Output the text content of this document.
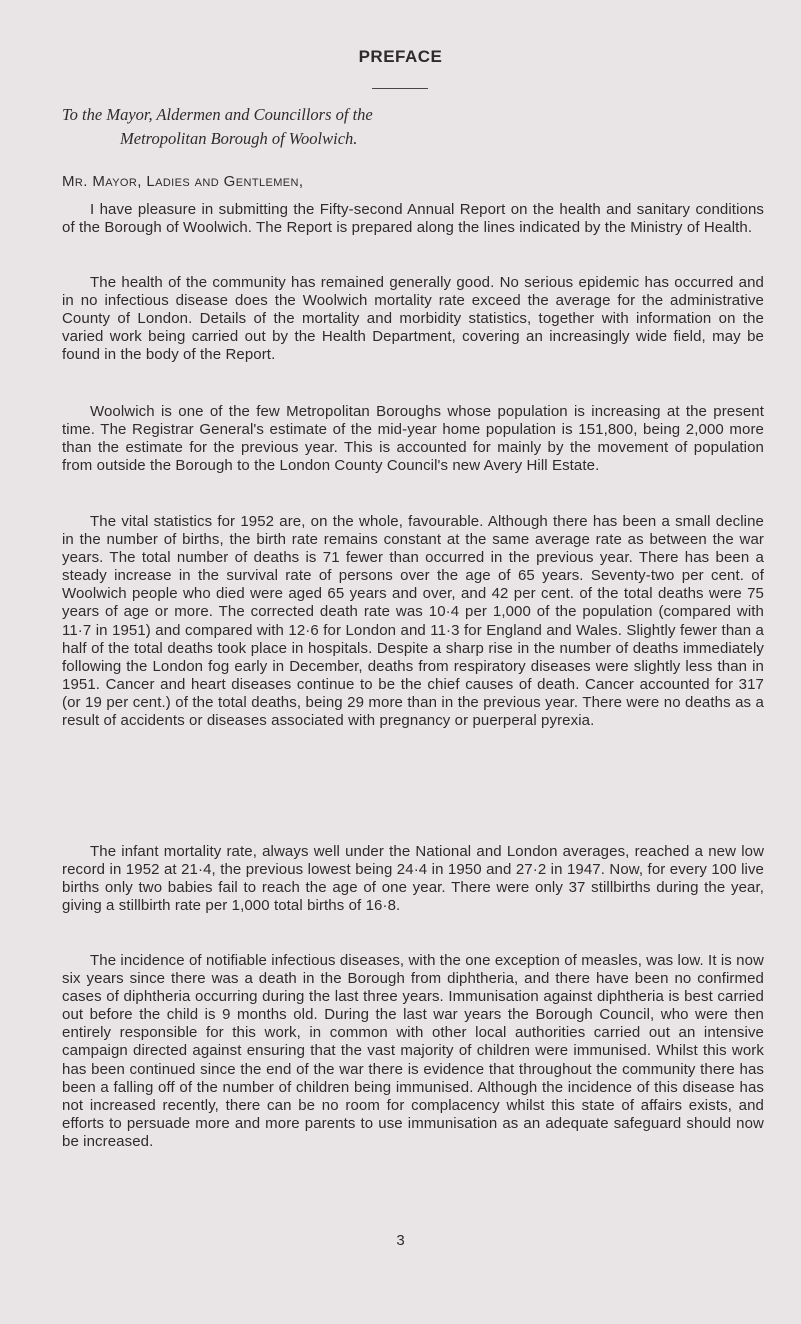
PREFACE
To the Mayor, Aldermen and Councillors of the
Metropolitan Borough of Woolwich.
Mr. Mayor, Ladies and Gentlemen,

I have pleasure in submitting the Fifty-second Annual Report on the health and sanitary conditions of the Borough of Woolwich. The Report is prepared along the lines indicated by the Ministry of Health.

The health of the community has remained generally good. No serious epidemic has occurred and in no infectious disease does the Woolwich mortality rate exceed the average for the administrative County of London. Details of the mortality and morbidity statistics, together with information on the varied work being carried out by the Health Department, covering an increasingly wide field, may be found in the body of the Report.

Woolwich is one of the few Metropolitan Boroughs whose population is increasing at the present time. The Registrar General's estimate of the mid-year home population is 151,800, being 2,000 more than the estimate for the previous year. This is accounted for mainly by the movement of population from outside the Borough to the London County Council's new Avery Hill Estate.

The vital statistics for 1952 are, on the whole, favourable. Although there has been a small decline in the number of births, the birth rate remains constant at the same average rate as between the war years. The total number of deaths is 71 fewer than occurred in the previous year. There has been a steady increase in the survival rate of persons over the age of 65 years. Seventy-two per cent. of Woolwich people who died were aged 65 years and over, and 42 per cent. of the total deaths were 75 years of age or more. The corrected death rate was 10·4 per 1,000 of the population (compared with 11·7 in 1951) and compared with 12·6 for London and 11·3 for England and Wales. Slightly fewer than a half of the total deaths took place in hospitals. Despite a sharp rise in the number of deaths immediately following the London fog early in December, deaths from respiratory diseases were slightly less than in 1951. Cancer and heart diseases continue to be the chief causes of death. Cancer accounted for 317 (or 19 per cent.) of the total deaths, being 29 more than in the previous year. There were no deaths as a result of accidents or diseases associated with pregnancy or puerperal pyrexia.

The infant mortality rate, always well under the National and London averages, reached a new low record in 1952 at 21·4, the previous lowest being 24·4 in 1950 and 27·2 in 1947. Now, for every 100 live births only two babies fail to reach the age of one year. There were only 37 stillbirths during the year, giving a stillbirth rate per 1,000 total births of 16·8.

The incidence of notifiable infectious diseases, with the one exception of measles, was low. It is now six years since there was a death in the Borough from diphtheria, and there have been no confirmed cases of diphtheria occurring during the last three years. Immunisation against diphtheria is best carried out before the child is 9 months old. During the last war years the Borough Council, who were then entirely responsible for this work, in common with other local authorities carried out an intensive campaign directed against ensuring that the vast majority of children were immunised. Whilst this work has been continued since the end of the war there is evidence that throughout the community there has been a falling off of the number of children being immunised. Although the incidence of this disease has not increased recently, there can be no room for complacency whilst this state of affairs exists, and efforts to persuade more and more parents to use immunisation as an adequate safeguard should now be increased.

3
